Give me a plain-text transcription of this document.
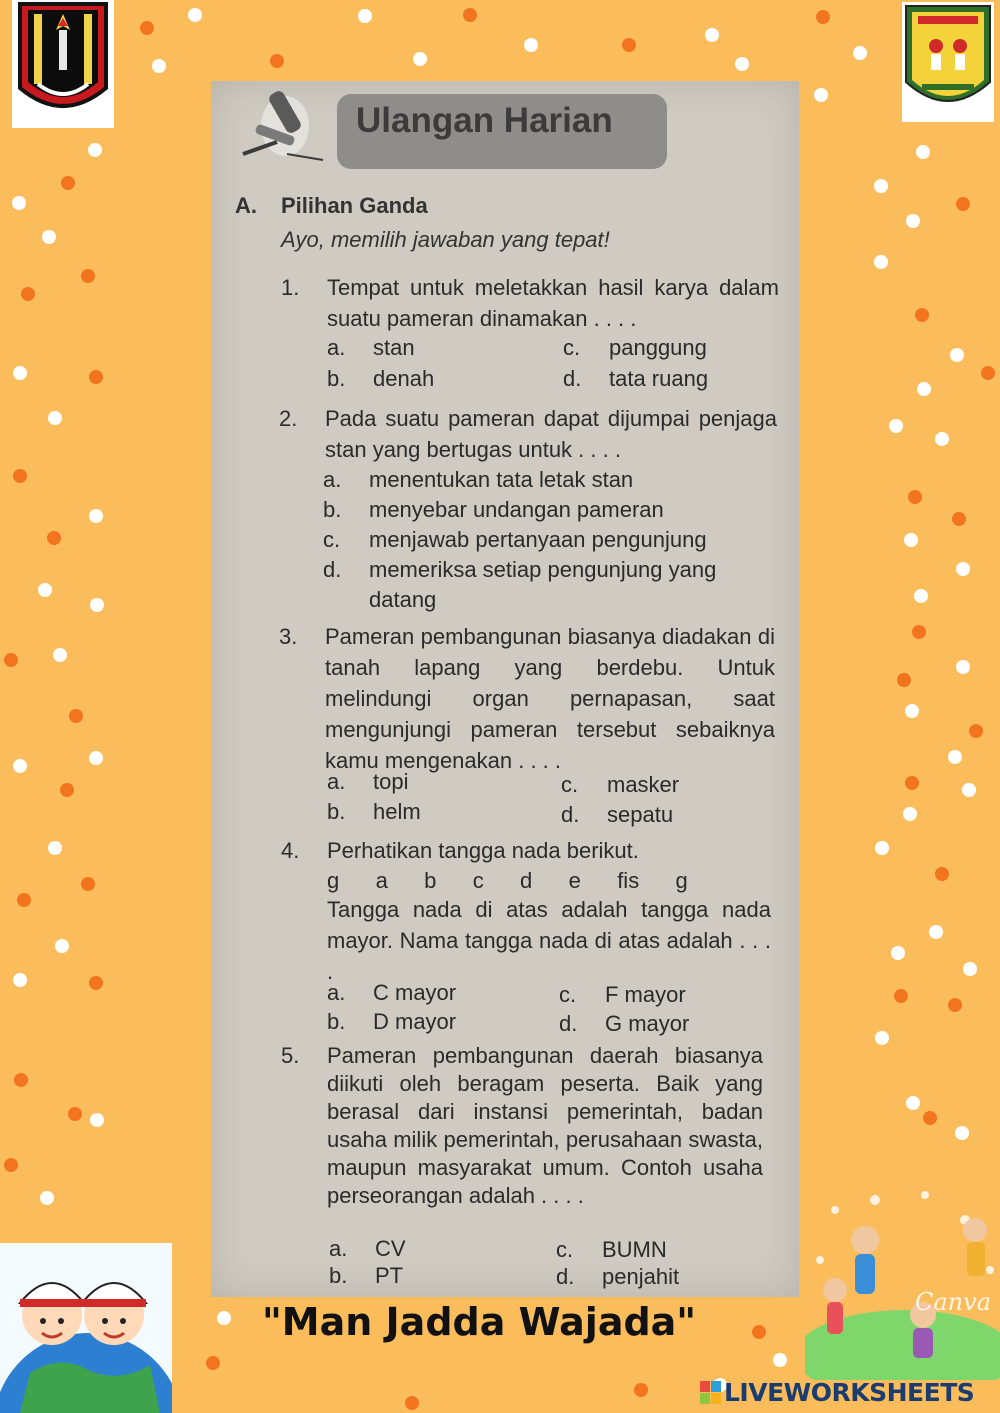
Canva
Ulangan Harian
A. Pilihan Ganda
Ayo, memilih jawaban yang tepat!
1.	Tempat untuk meletakkan hasil karya dalam suatu pameran dinamakan . . . .
a. stan
b. denah
c. panggung
d. tata ruang
2.	Pada suatu pameran dapat dijumpai penjaga stan yang bertugas untuk . . . .
a. menentukan tata letak stan
b. menyebar undangan pameran
c. menjawab pertanyaan pengunjung
d.	memeriksa setiap pengunjung yang datang
3.	Pameran pembangunan biasanya diadakan di tanah lapang yang berdebu. Untuk melindungi organ pernapasan, saat mengunjungi pameran tersebut sebaiknya kamu mengenakan . . . .
a. topi
b. helm
c. masker
d. sepatu
4.	Perhatikan tangga nada berikut.
g   a   b   c   d   e   fis   g
Tangga nada di atas adalah tangga nada mayor. Nama tangga nada di atas adalah . . . .
a. C mayor
b. D mayor
c. F mayor
d. G mayor
5.	Pameran pembangunan daerah biasanya diikuti oleh beragam peserta. Baik yang berasal dari instansi pemerintah, badan usaha milik pemerintah, perusahaan swasta, maupun masyarakat umum. Contoh usaha perseorangan adalah . . . .
a. CV
b. PT
c. BUMN
d. penjahit
"Man Jadda Wajada"
LIVEWORKSHEETS
